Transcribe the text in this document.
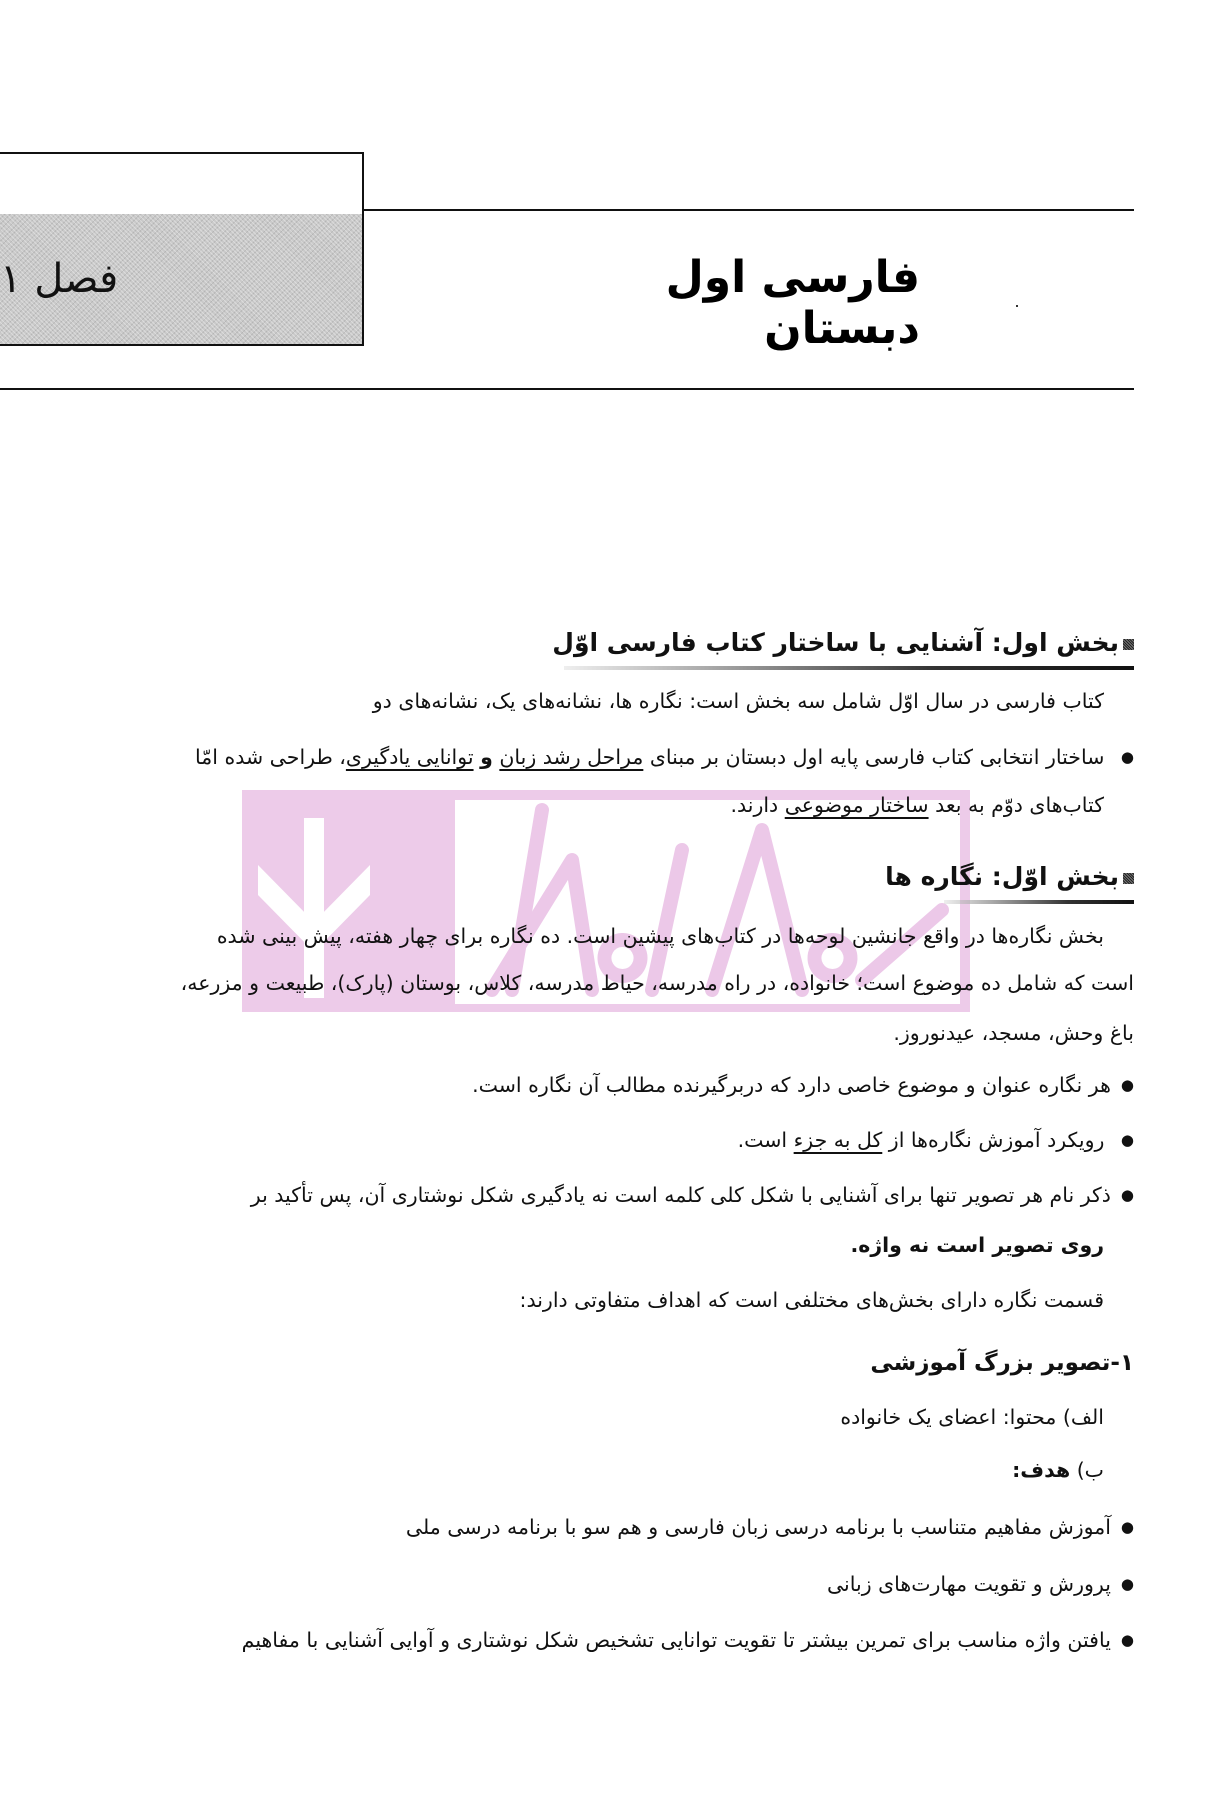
فصل ۱	فارسی اول دبستان
بخش اول: آشنایی با ساختار کتاب فارسی اوّل
کتاب فارسی در سال اوّل شامل سه بخش است: نگاره ها، نشانه‌های یک، نشانه‌های دو
● ساختار انتخابی کتاب فارسی پایه اول دبستان بر مبنای مراحل رشد زبان و توانایی یادگیری، طراحی شده امّا
کتاب‌های دوّم به بعد ساختار موضوعی دارند.
بخش اوّل: نگاره ها
بخش نگاره‌ها در واقع جانشین لوحه‌ها در کتاب‌های پیشین است. ده نگاره برای چهار هفته، پیش بینی شده
است که شامل ده موضوع است؛ خانواده، در راه مدرسه، حیاط مدرسه، کلاس، بوستان (پارک)، طبیعت و مزرعه،
باغ وحش، مسجد، عیدنوروز.
● هر نگاره عنوان و موضوع خاصی دارد که دربرگیرنده مطالب آن نگاره است.
● رویکرد آموزش نگاره‌ها از کل به جزء است.
● ذکر نام هر تصویر تنها برای آشنایی با شکل کلی کلمه است نه یادگیری شکل نوشتاری آن، پس تأکید بر
روی تصویر است نه واژه.
قسمت نگاره دارای بخش‌های مختلفی است که اهداف متفاوتی دارند:
۱-تصویر بزرگ آموزشی
الف) محتوا: اعضای یک خانواده
ب) هدف:
● آموزش مفاهیم متناسب با برنامه درسی زبان فارسی و هم سو با برنامه درسی ملی
● پرورش و تقویت مهارت‌های زبانی
● یافتن واژه مناسب برای تمرین بیشتر تا تقویت توانایی تشخیص شکل نوشتاری و آوایی آشنایی با مفاهیم
